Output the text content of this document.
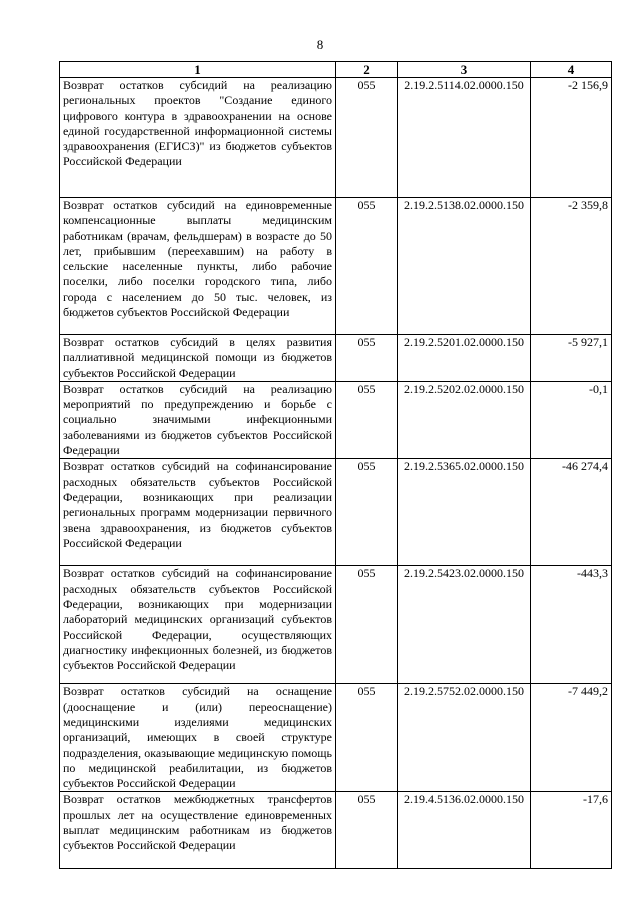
8
1	2	3	4
Возврат остатков субсидий на реализацию региональных проектов "Создание единого цифрового контура в здравоохранении на основе единой государственной информационной системы здравоохранения (ЕГИСЗ)" из бюджетов субъектов Российской Федерации	055	2.19.2.5114.02.0000.150	-2 156,9
Возврат остатков субсидий на единовременные компенсационные выплаты медицинским работникам (врачам, фельдшерам) в возрасте до 50 лет, прибывшим (переехавшим) на работу в сельские населенные пункты, либо рабочие поселки, либо поселки городского типа, либо города с населением до 50 тыс. человек, из бюджетов субъектов Российской Федерации	055	2.19.2.5138.02.0000.150	-2 359,8
Возврат остатков субсидий в целях развития паллиативной медицинской помощи из бюджетов субъектов Российской Федерации	055	2.19.2.5201.02.0000.150	-5 927,1
Возврат остатков субсидий на реализацию мероприятий по предупреждению и борьбе с социально значимыми инфекционными заболеваниями из бюджетов субъектов Российской Федерации	055	2.19.2.5202.02.0000.150	-0,1
Возврат остатков субсидий на софинансирование расходных обязательств субъектов Российской Федерации, возникающих при реализации региональных программ модернизации первичного звена здравоохранения, из бюджетов субъектов Российской Федерации	055	2.19.2.5365.02.0000.150	-46 274,4
Возврат остатков субсидий на софинансирование расходных обязательств субъектов Российской Федерации, возникающих при модернизации лабораторий медицинских организаций субъектов Российской Федерации, осуществляющих диагностику инфекционных болезней, из бюджетов субъектов Российской Федерации	055	2.19.2.5423.02.0000.150	-443,3
Возврат остатков субсидий на оснащение (дооснащение и (или) переоснащение) медицинскими изделиями медицинских организаций, имеющих в своей структуре подразделения, оказывающие медицинскую помощь по медицинской реабилитации, из бюджетов субъектов Российской Федерации	055	2.19.2.5752.02.0000.150	-7 449,2
Возврат остатков межбюджетных трансфертов прошлых лет на осуществление единовременных выплат медицинским работникам из бюджетов субъектов Российской Федерации	055	2.19.4.5136.02.0000.150	-17,6
